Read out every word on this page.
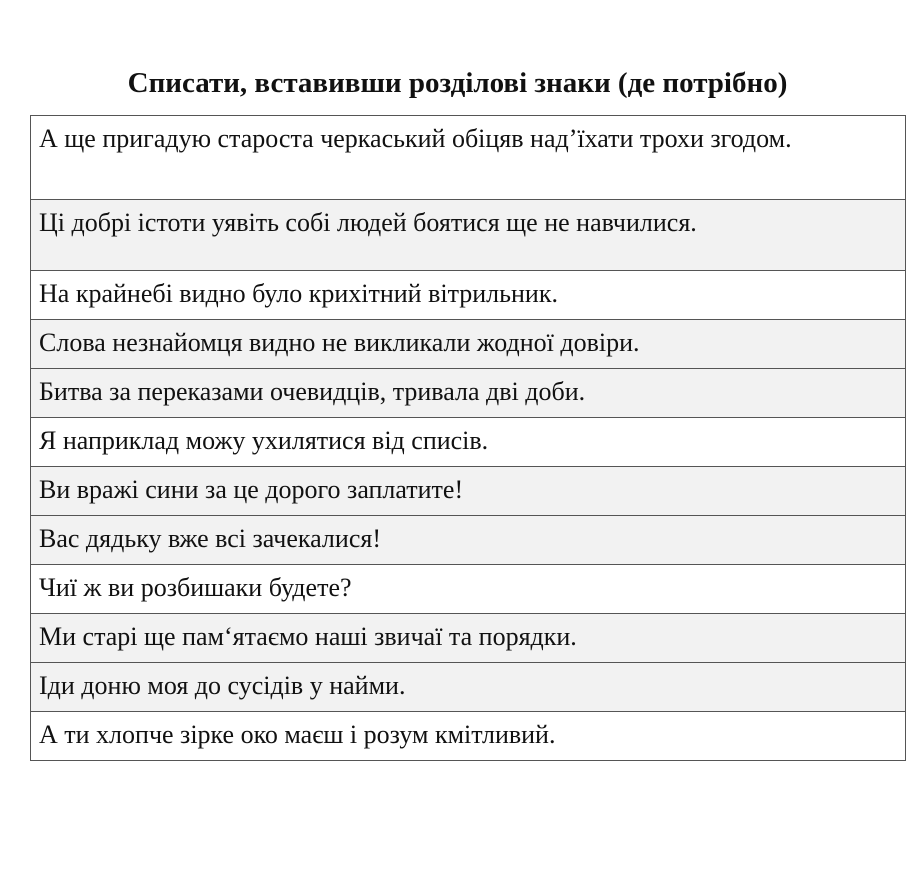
Списати, вставивши розділові знаки (де потрібно)
А ще пригадую староста черкаський обіцяв над’їхати трохи згодом.
Ці добрі істоти уявіть собі людей боятися ще не навчилися.
На крайнебі видно було крихітний вітрильник.
Слова незнайомця видно не викликали жодної довіри.
Битва за переказами очевидців, тривала дві доби.
Я наприклад можу ухилятися від списів.
Ви вражі сини за це дорого заплатите!
Вас дядьку вже всі зачекалися!
Чиї ж ви розбишаки будете?
Ми старі ще пам‘ятаємо наші звичаї та порядки.
Іди доню моя до сусідів у найми.
А ти хлопче зірке око маєш і розум кмітливий.
